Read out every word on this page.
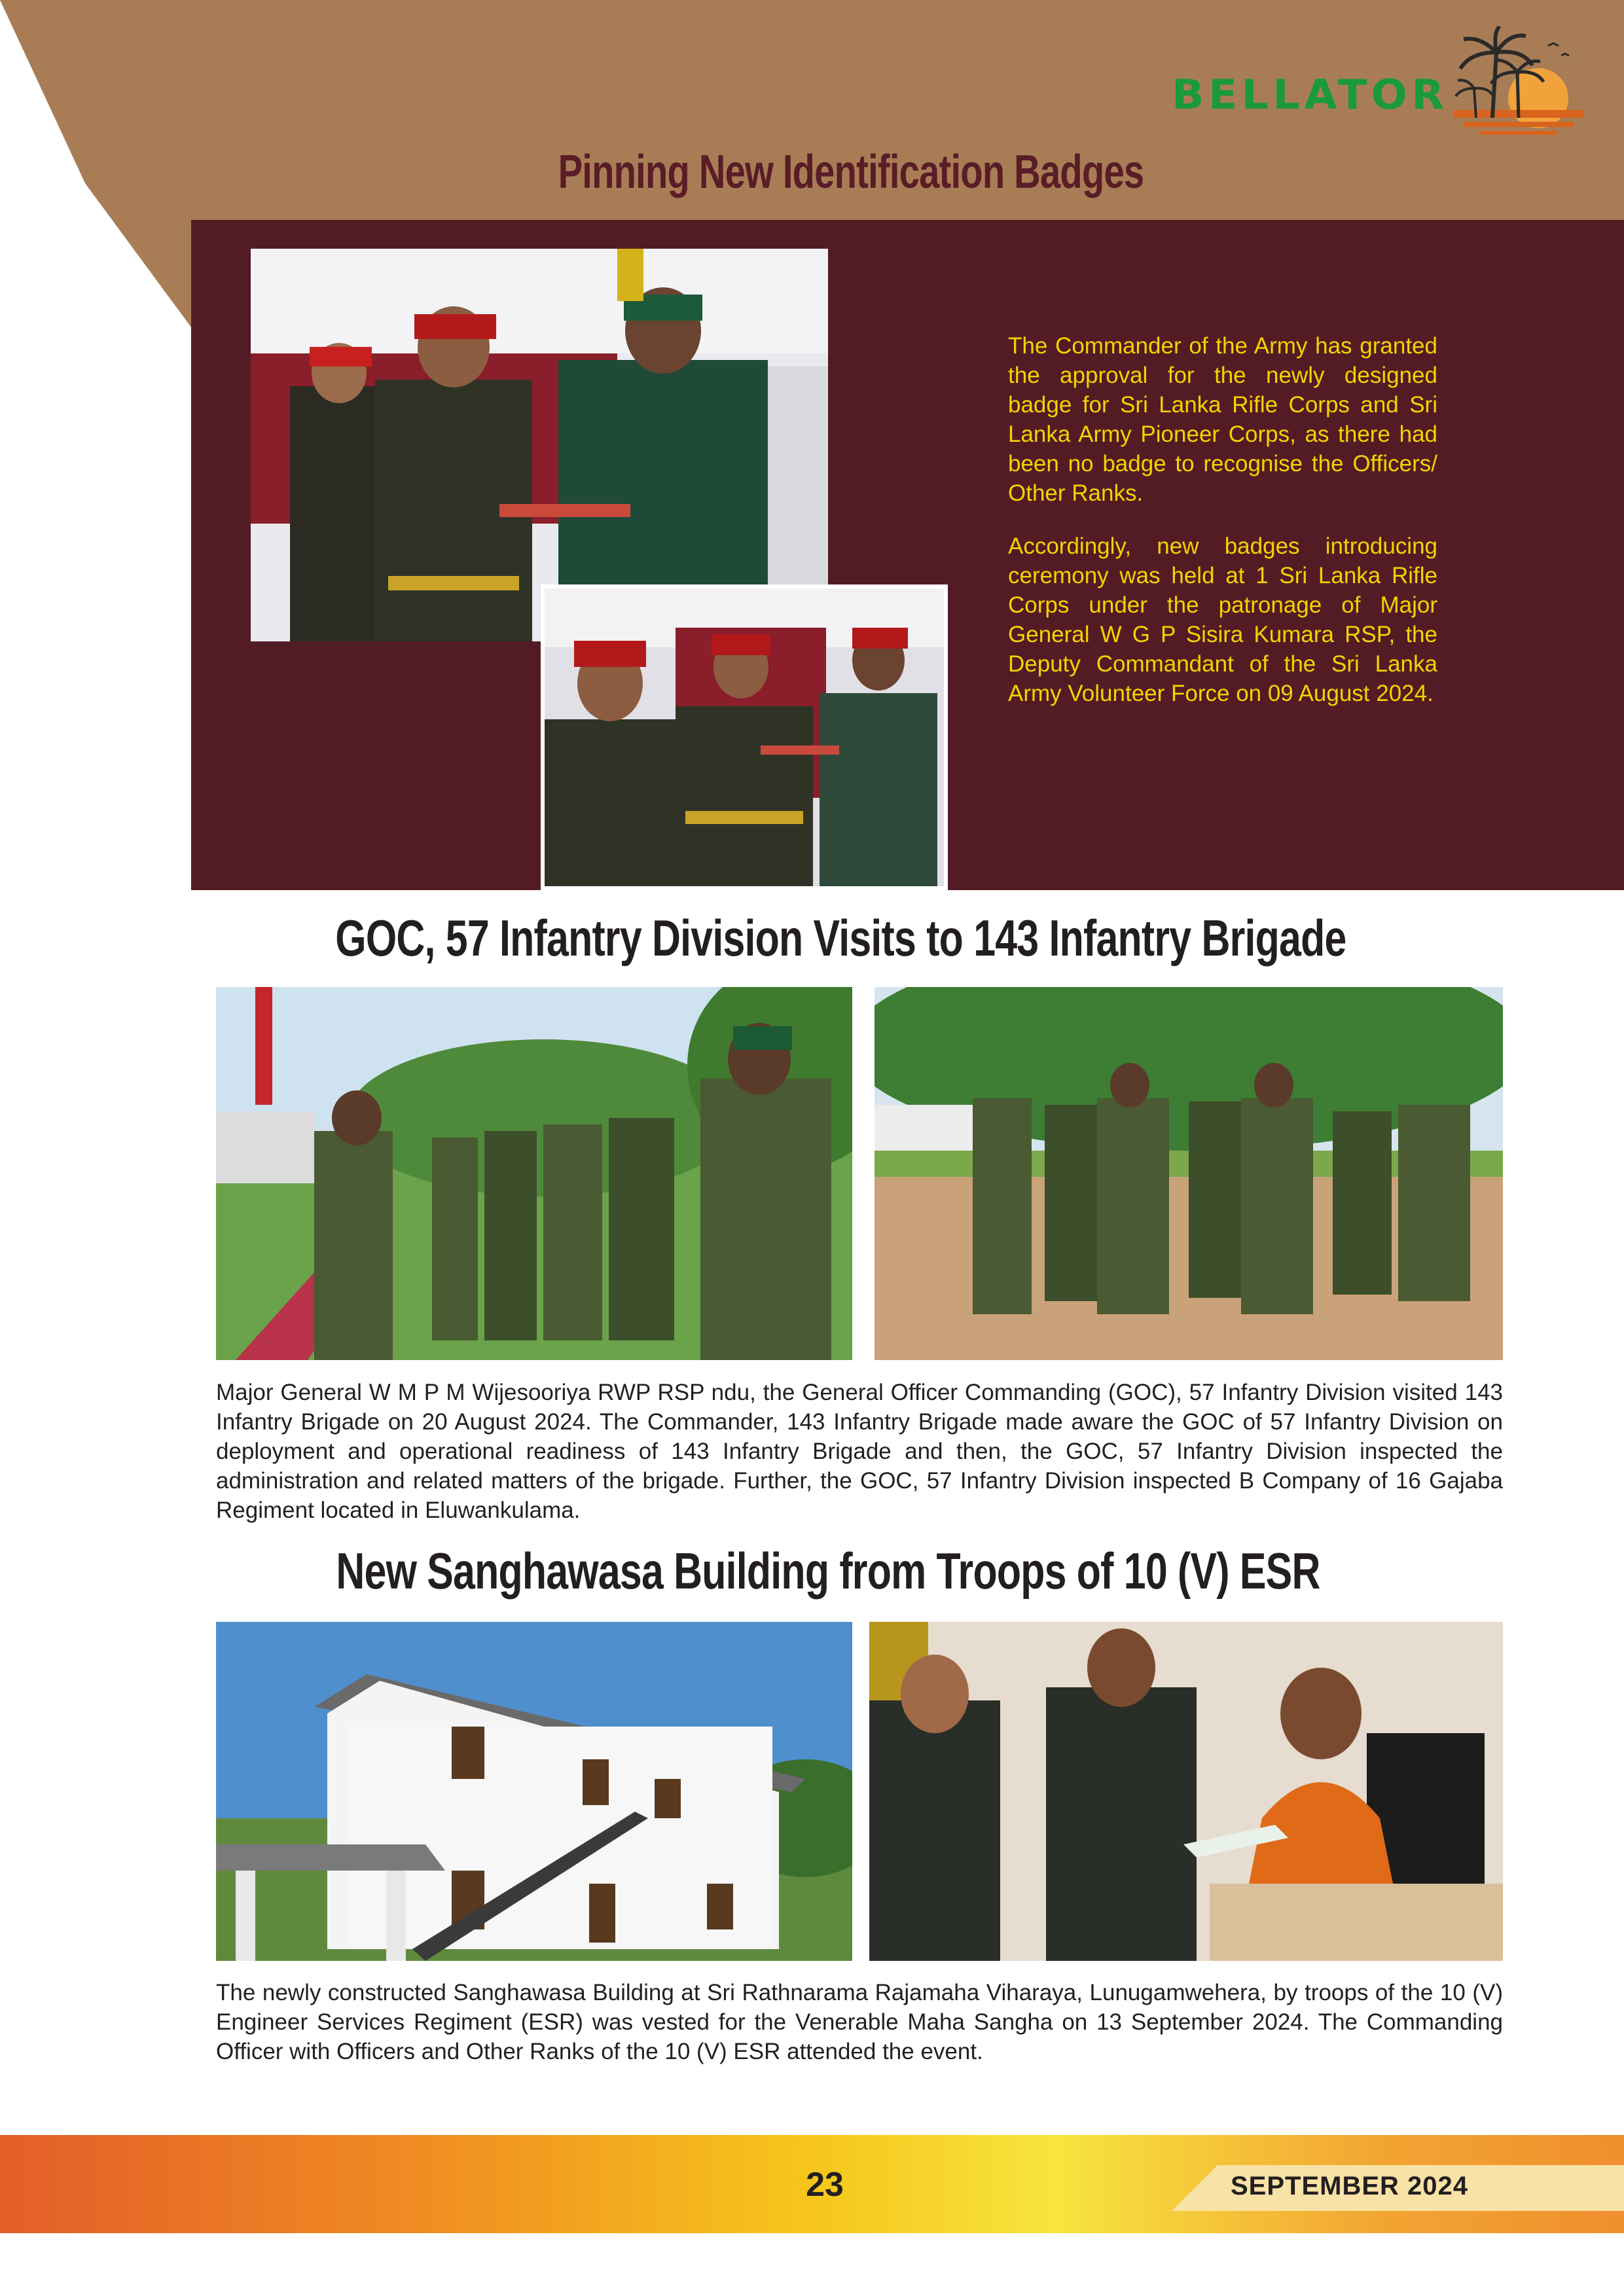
BELLATOR
Pinning New Identification Badges

The Commander of the Army has granted the approval for the newly designed badge for Sri Lanka Rifle Corps and Sri Lanka Army Pioneer Corps, as there had been no badge to recognise the Officers/ Other Ranks.

Accordingly, new badges introducing ceremony was held at 1 Sri Lanka Rifle Corps under the patronage of Major General W G P Sisira Kumara RSP, the Deputy Commandant of the Sri Lanka Army Volunteer Force on 09 August 2024.

GOC, 57 Infantry Division Visits to 143 Infantry Brigade

Major General W M P M Wijesooriya RWP RSP ndu, the General Officer Commanding (GOC), 57 Infantry Division visited 143 Infantry Brigade on 20 August 2024. The Commander, 143 Infantry Brigade made aware the GOC of 57 Infantry Division on deployment and operational readiness of 143 Infantry Brigade and then, the GOC, 57 Infantry Division inspected the administration and related matters of the brigade. Further, the GOC, 57 Infantry Division inspected B Company of 16 Gajaba Regiment located in Eluwankulama.

New Sanghawasa Building from Troops of 10 (V) ESR

The newly constructed Sanghawasa Building at Sri Rathnarama Rajamaha Viharaya, Lunugamwehera, by troops of the 10 (V) Engineer Services Regiment (ESR) was vested for the Venerable Maha Sangha on 13 September 2024. The Commanding Officer with Officers and Other Ranks of the 10 (V) ESR attended the event.

23	SEPTEMBER 2024
